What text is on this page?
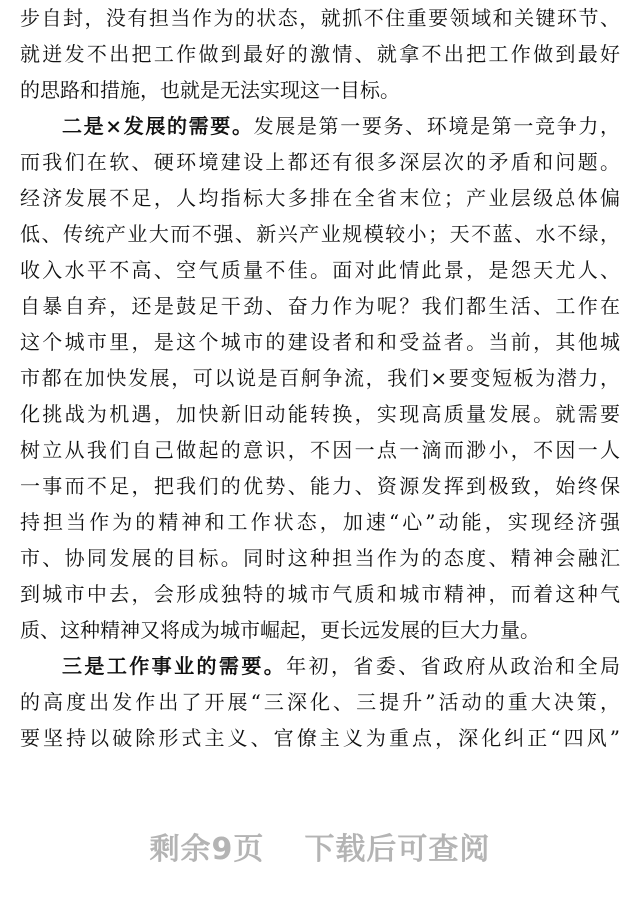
步自封，没有担当作为的状态，就抓不住重要领域和关键环节、
就迸发不出把工作做到最好的激情、就拿不出把工作做到最好
的思路和措施，也就是无法实现这一目标。
二是×发展的需要。发展是第一要务、环境是第一竞争力，
而我们在软、硬环境建设上都还有很多深层次的矛盾和问题。
经济发展不足，人均指标大多排在全省末位；产业层级总体偏
低、传统产业大而不强、新兴产业规模较小；天不蓝、水不绿，
收入水平不高、空气质量不佳。面对此情此景，是怨天尤人、
自暴自弃，还是鼓足干劲、奋力作为呢？我们都生活、工作在
这个城市里，是这个城市的建设者和和受益者。当前，其他城
市都在加快发展，可以说是百舸争流，我们×要变短板为潜力，
化挑战为机遇，加快新旧动能转换，实现高质量发展。就需要
树立从我们自己做起的意识，不因一点一滴而渺小，不因一人
一事而不足，把我们的优势、能力、资源发挥到极致，始终保
持担当作为的精神和工作状态，加速“心”动能，实现经济强
市、协同发展的目标。同时这种担当作为的态度、精神会融汇
到城市中去，会形成独特的城市气质和城市精神，而着这种气
质、这种精神又将成为城市崛起，更长远发展的巨大力量。
三是工作事业的需要。年初，省委、省政府从政治和全局
的高度出发作出了开展“三深化、三提升”活动的重大决策，
要坚持以破除形式主义、官僚主义为重点，深化纠正“四风”
剩余9页 下载后可查阅
